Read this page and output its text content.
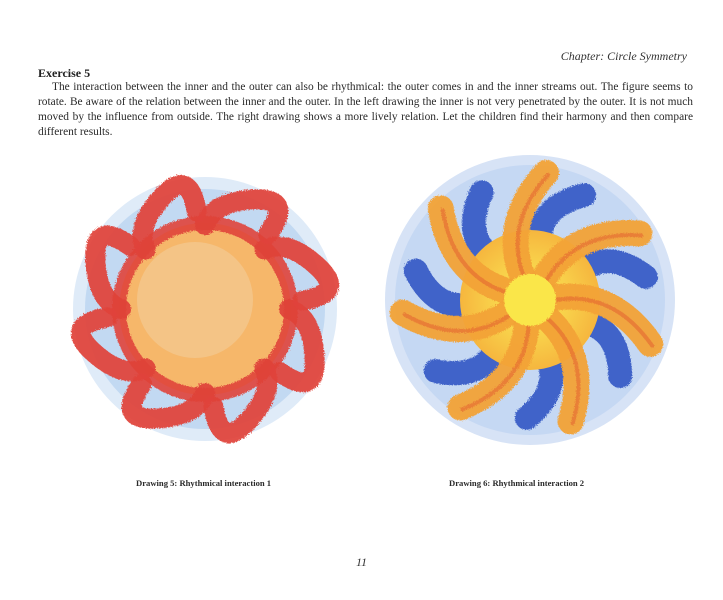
Chapter: Circle Symmetry
Exercise 5

The interaction between the inner and the outer can also be rhythmical: the outer comes in and the inner streams out. The figure seems to rotate. Be aware of the relation between the inner and the outer. In the left drawing the inner is not very penetrated by the outer. It is not much moved by the influence from outside. The right drawing shows a more lively relation. Let the children find their harmony and then compare different results.

Drawing 5: Rhythmical interaction 1	Drawing 6: Rhythmical interaction 2
11
